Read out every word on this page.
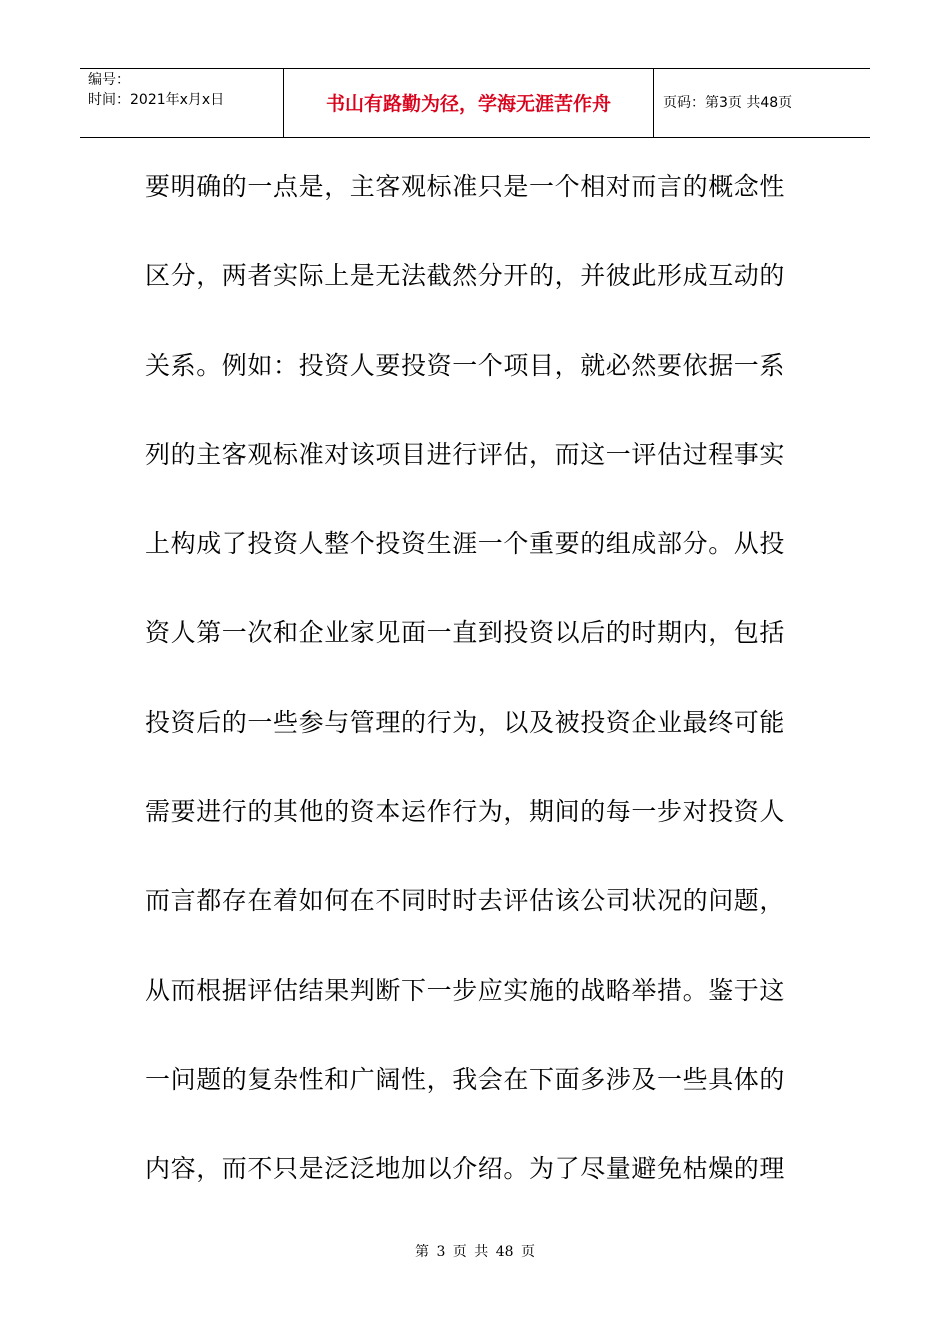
编号：
时间：2021年x月x日	书山有路勤为径，学海无涯苦作舟	页码：第3页 共48页
要明确的一点是，主客观标准只是一个相对而言的概念性
区分，两者实际上是无法截然分开的，并彼此形成互动的
关系。例如：投资人要投资一个项目，就必然要依据一系
列的主客观标准对该项目进行评估，而这一评估过程事实
上构成了投资人整个投资生涯一个重要的组成部分。从投
资人第一次和企业家见面一直到投资以后的时期内，包括
投资后的一些参与管理的行为，以及被投资企业最终可能
需要进行的其他的资本运作行为，期间的每一步对投资人
而言都存在着如何在不同时时去评估该公司状况的问题，
从而根据评估结果判断下一步应实施的战略举措。鉴于这
一问题的复杂性和广阔性，我会在下面多涉及一些具体的
内容，而不只是泛泛地加以介绍。为了尽量避免枯燥的理
第 3 页 共 48 页
